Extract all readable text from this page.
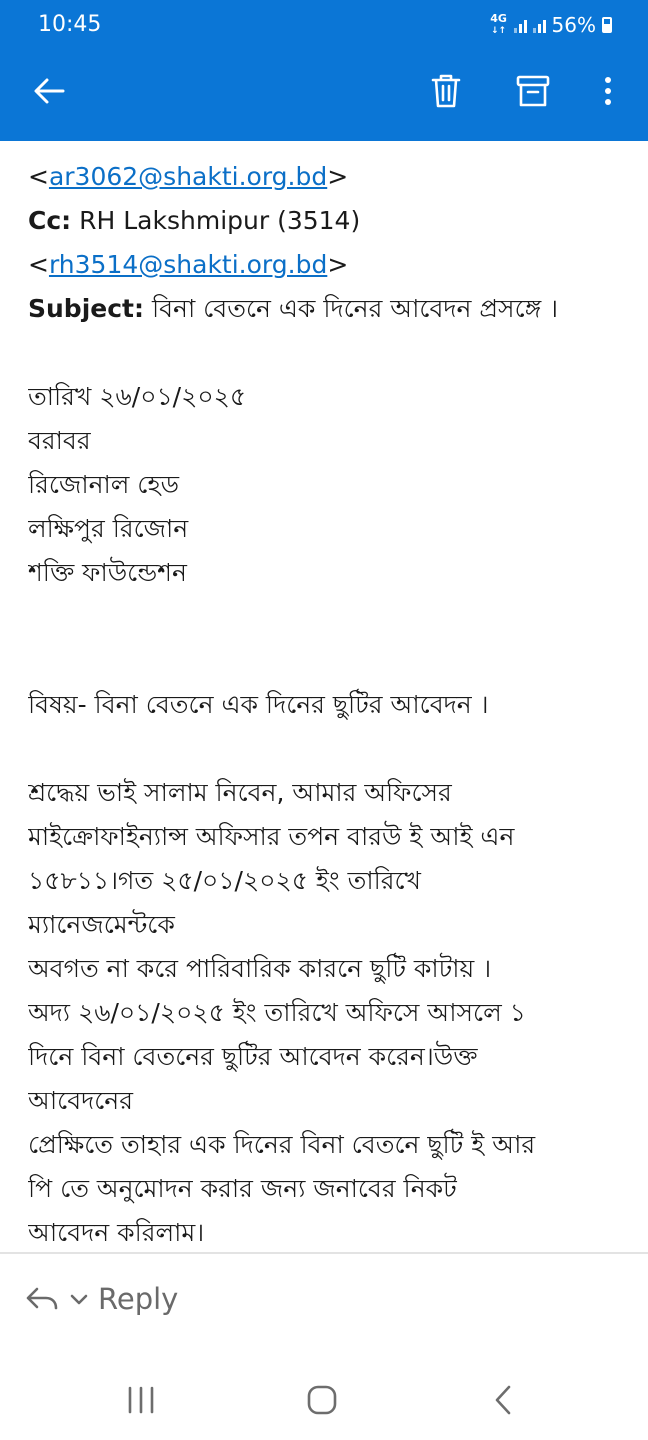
10:45	4G
↓↑ 56%
<ar3062@shakti.org.bd>
Cc: RH Lakshmipur (3514)
<rh3514@shakti.org.bd>
Subject: বিনা বেতনে এক দিনের আবেদন প্রসঙ্গে ।
তারিখ ২৬/০১/২০২৫
বরাবর
রিজোনাল হেড
লক্ষিপুর রিজোন
শক্তি ফাউন্ডেশন
বিষয়- বিনা বেতনে এক দিনের ছুটির আবেদন ।
শ্রদ্ধেয় ভাই সালাম নিবেন, আমার অফিসের
মাইক্রোফাইন্যান্স অফিসার তপন বারউ ই আই এন
১৫৮১১।গত ২৫/০১/২০২৫ ইং তারিখে
ম্যানেজমেন্টকে
অবগত না করে পারিবারিক কারনে ছুটি কাটায় ।
অদ্য ২৬/০১/২০২৫ ইং তারিখে অফিসে আসলে ১
দিনে বিনা বেতনের ছুটির আবেদন করেন।উক্ত
আবেদনের
প্রেক্ষিতে তাহার এক দিনের বিনা বেতনে ছুটি ই আর
পি তে অনুমোদন করার জন্য জনাবের নিকট
আবেদন করিলাম।
Reply
